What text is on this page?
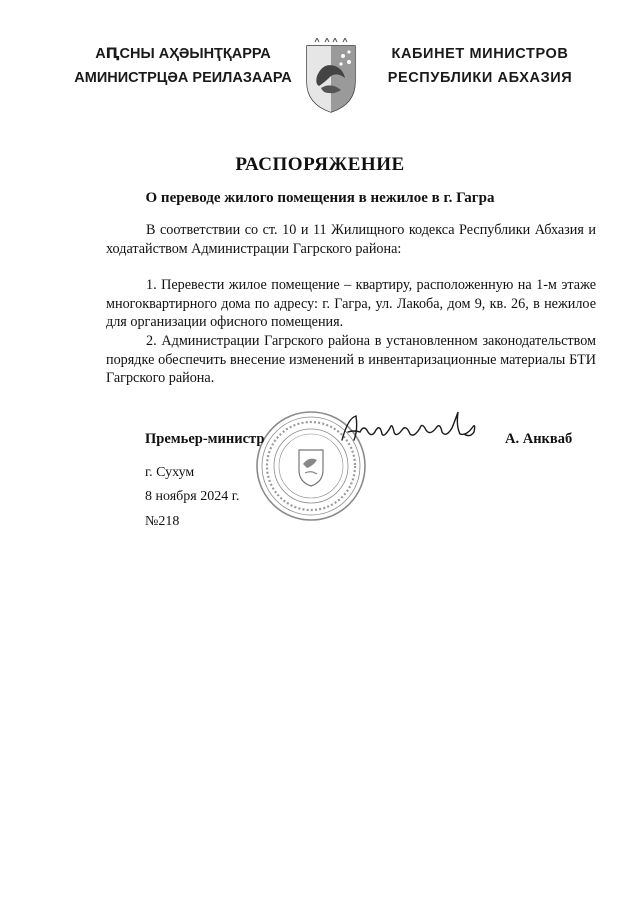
АԤСНЫ АҲӘЫНҬҚАРРА
АМИНИСТРЦӘА РЕИЛАЗААРА
КАБИНЕТ МИНИСТРОВ
РЕСПУБЛИКИ АБХАЗИЯ
РАСПОРЯЖЕНИЕ
О переводе жилого помещения в нежилое в г. Гагра

В соответствии со ст. 10 и 11 Жилищного кодекса Республики Абхазия и ходатайством Администрации Гагрского района:

1. Перевести жилое помещение – квартиру, расположенную на 1-м этаже многоквартирного дома по адресу: г. Гагра, ул. Лакоба, дом 9, кв. 26, в нежилое для организации офисного помещения.

2. Администрации Гагрского района в установленном законодательством порядке обеспечить внесение изменений в инвентаризационные материалы БТИ Гагрского района.

Премьер-министр	А. Анкваб
г. Сухум
8 ноября 2024 г.
№218
